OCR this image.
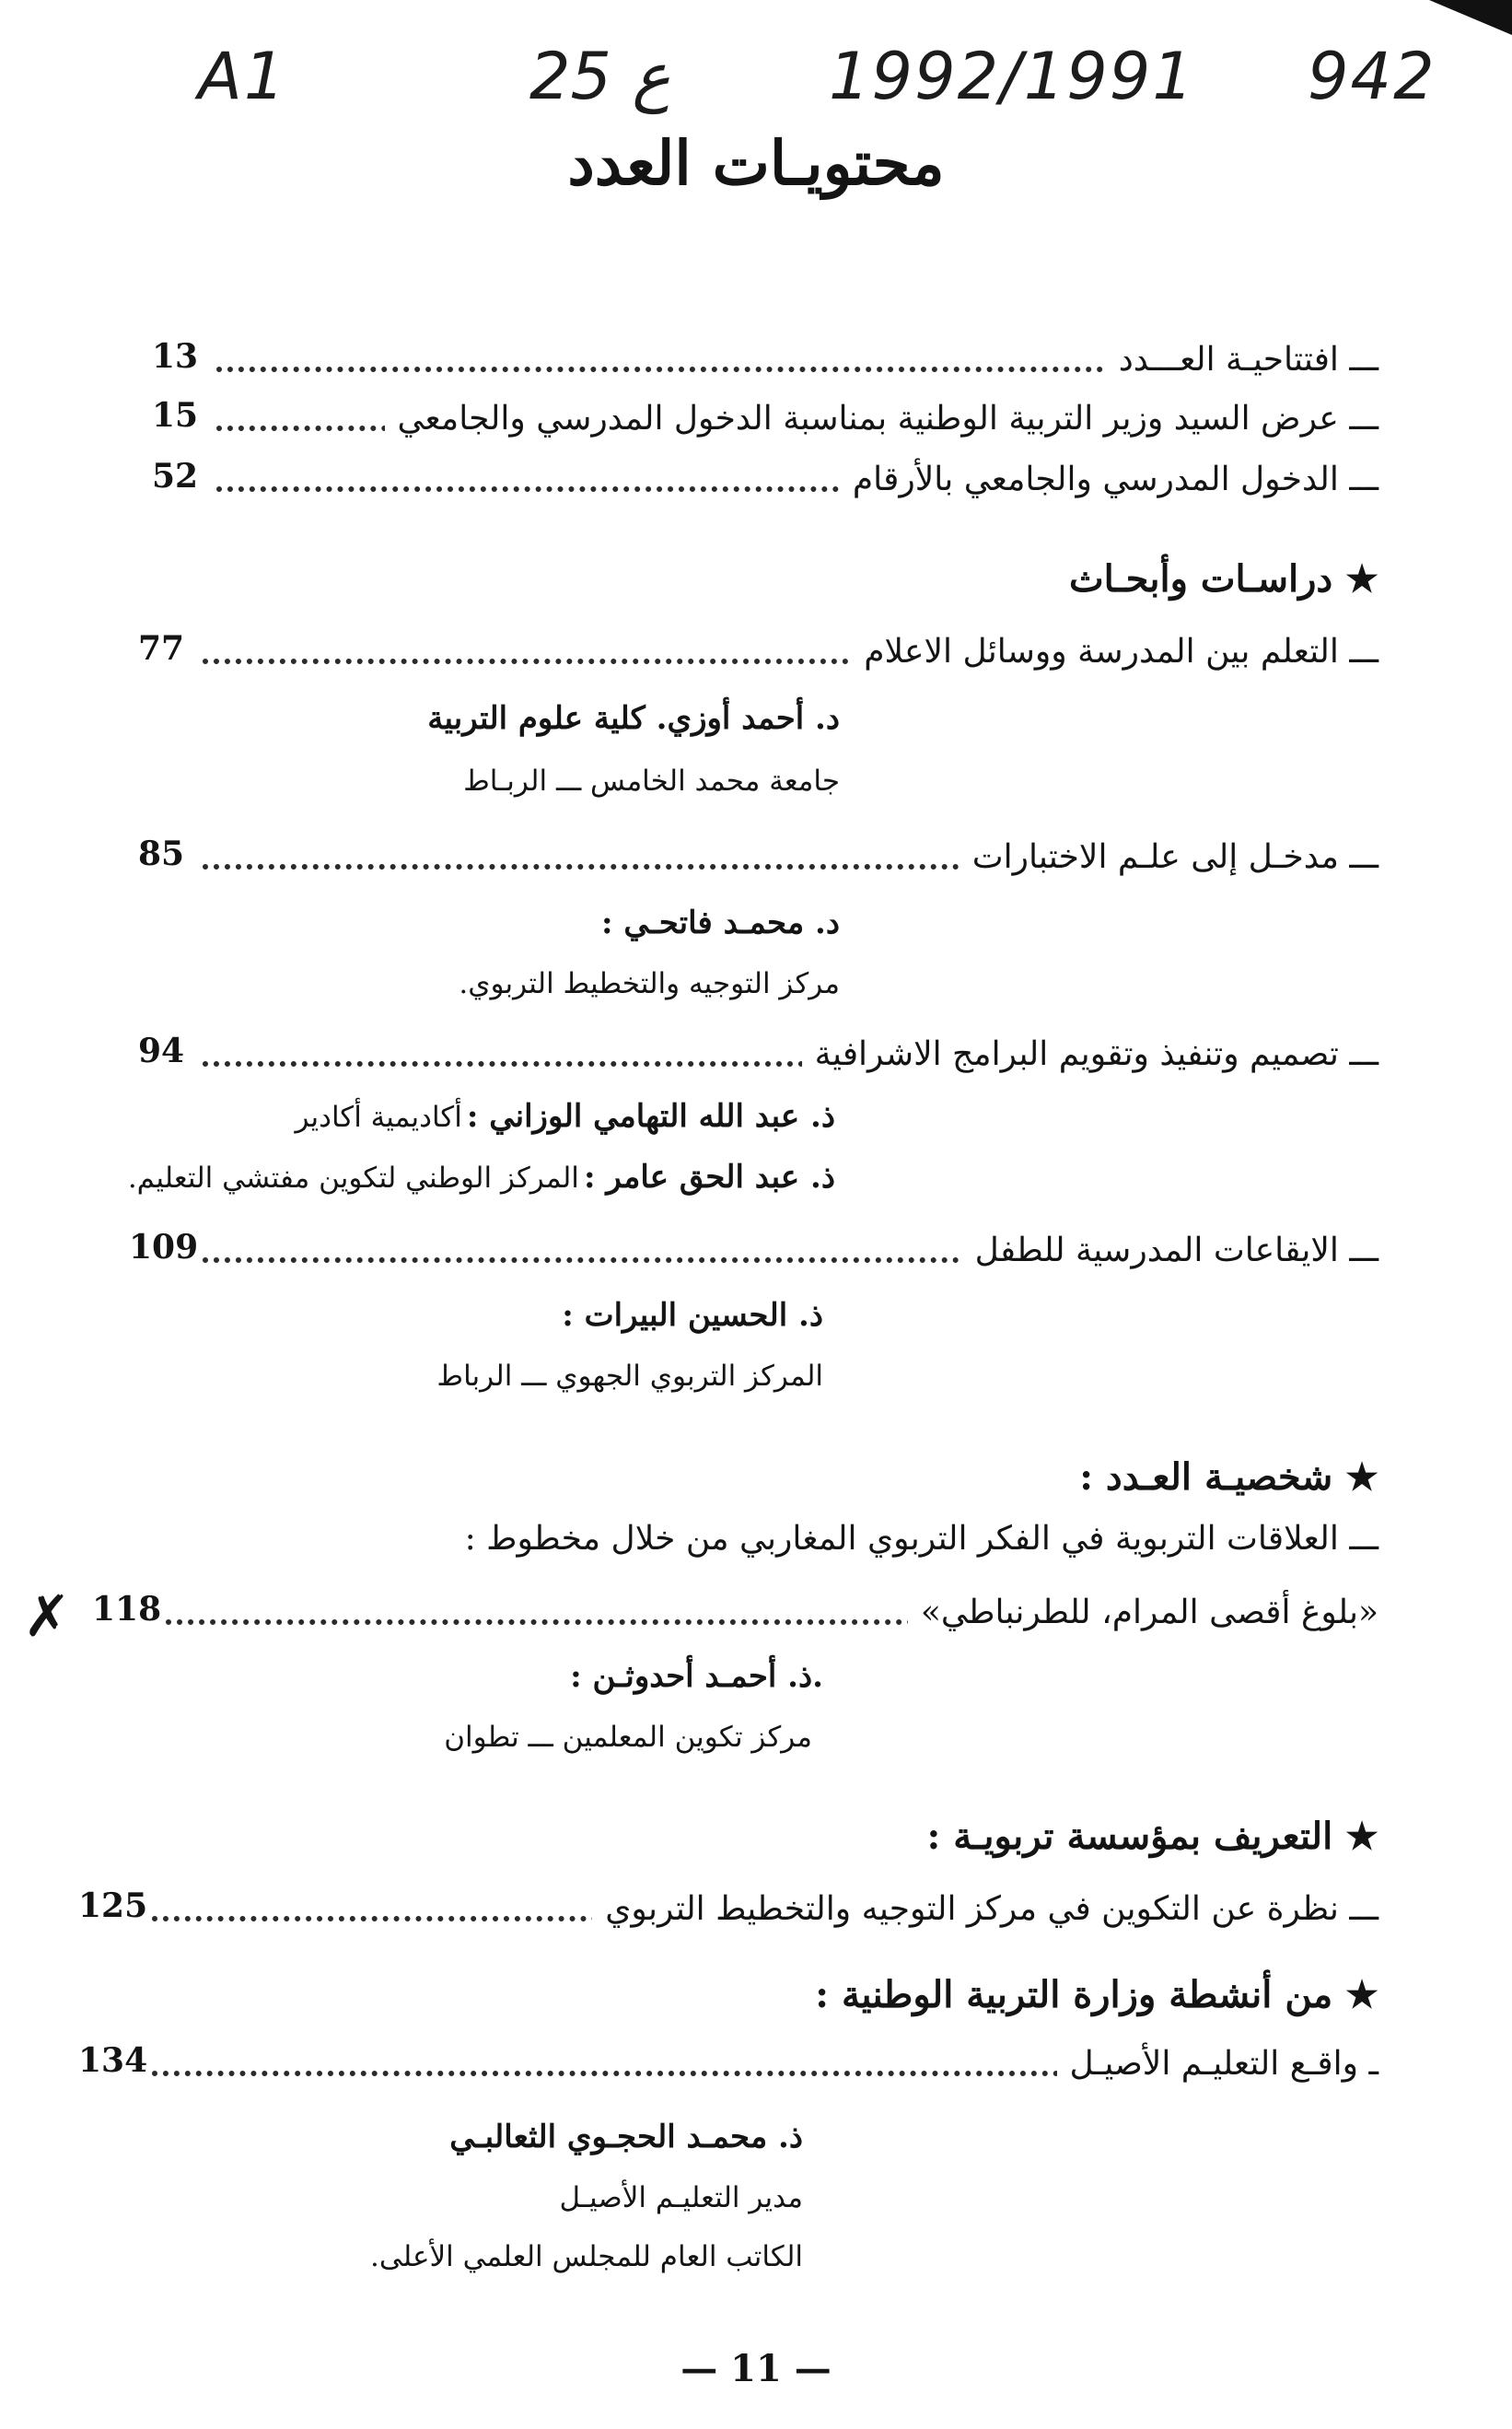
A1	25 ع 1992/1991 942
محتويـات العدد
ـــ افتتاحيـة العـــدد
13
ـــ عرض السيد وزير التربية الوطنية بمناسبة الدخول المدرسي والجامعي
15
ـــ الدخول المدرسي والجامعي بالأرقام
52
★ دراسـات وأبحـاث
ـــ التعلم بين المدرسة ووسائل الاعلام
77
د. أحمد أوزي. كلية علوم التربية
جامعة محمد الخامس ـــ الربـاط
ـــ مدخـل إلى علـم الاختبارات
85
د. محمـد فاتحـي :
مركز التوجيه والتخطيط التربوي.
ـــ تصميم وتنفيذ وتقويم البرامج الاشرافية
94
ذ. عبد الله التهامي الوزاني : أكاديمية أكادير
ذ. عبد الحق عامر : المركز الوطني لتكوين مفتشي التعليم.
ـــ الايقاعات المدرسية للطفل
109
ذ. الحسين البيرات :
المركز التربوي الجهوي ـــ الرباط
★ شخصيـة العـدد :
ـــ العلاقات التربوية في الفكر التربوي المغاربي من خلال مخطوط :
«بلوغ أقصى المرام، للطرنباطي»
118
✗
.ذ. أحمـد أحدوثـن :
مركز تكوين المعلمين ـــ تطوان
★ التعريف بمؤسسة تربويـة :
ـــ نظرة عن التكوين في مركز التوجيه والتخطيط التربوي
125
★ من أنشطة وزارة التربية الوطنية :
ـ واقـع التعليـم الأصيـل
134
ذ. محمـد الحجـوي الثعالبـي
مدير التعليـم الأصيـل
الكاتب العام للمجلس العلمي الأعلى.
— 11 —
